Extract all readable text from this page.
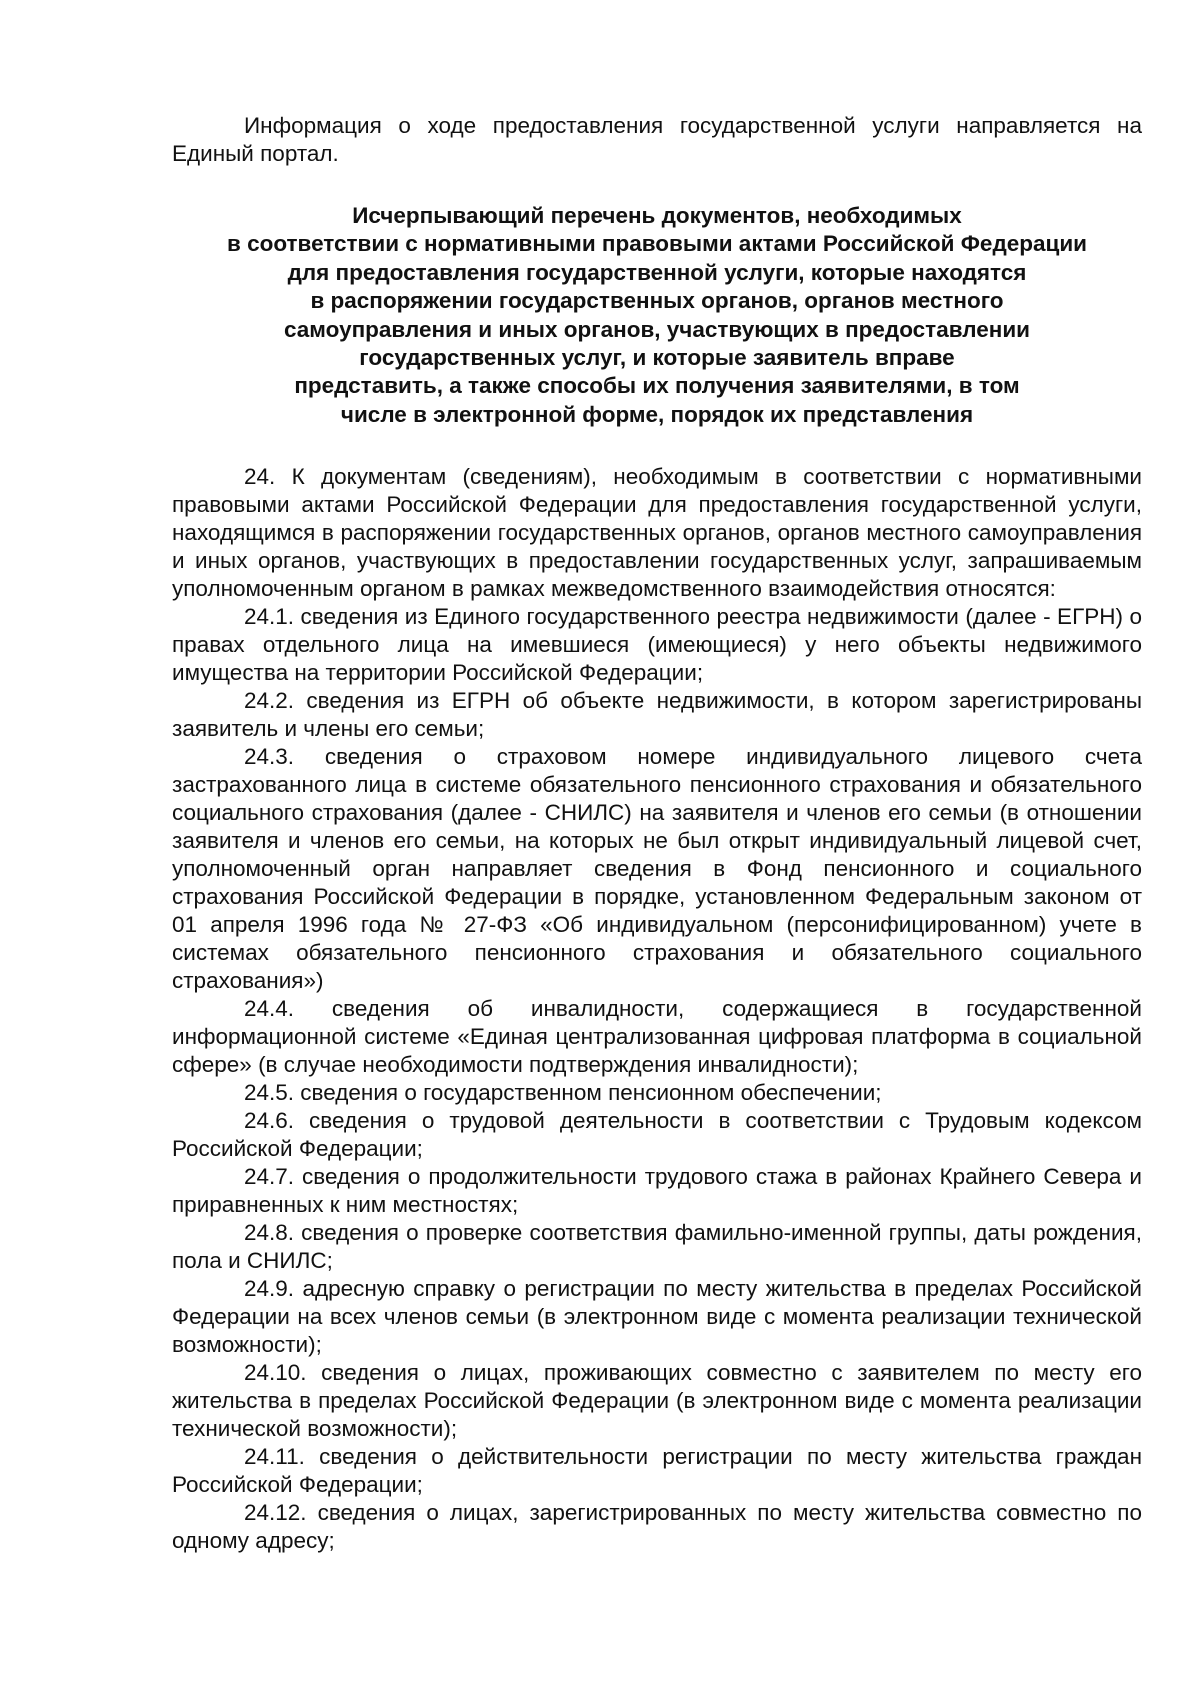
Информация о ходе предоставления государственной услуги направляется на Единый портал.

Исчерпывающий перечень документов, необходимых
в соответствии с нормативными правовыми актами Российской Федерации
для предоставления государственной услуги, которые находятся
в распоряжении государственных органов, органов местного
самоуправления и иных органов, участвующих в предоставлении
государственных услуг, и которые заявитель вправе
представить, а также способы их получения заявителями, в том
числе в электронной форме, порядок их представления

24. К документам (сведениям), необходимым в соответствии с нормативными правовыми актами Российской Федерации для предоставления государственной услуги, находящимся в распоряжении государственных органов, органов местного самоуправления и иных органов, участвующих в предоставлении государственных услуг, запрашиваемым уполномоченным органом в рамках межведомственного взаимодействия относятся:

24.1. сведения из Единого государственного реестра недвижимости (далее - ЕГРН) о правах отдельного лица на имевшиеся (имеющиеся) у него объекты недвижимого имущества на территории Российской Федерации;

24.2. сведения из ЕГРН об объекте недвижимости, в котором зарегистрированы заявитель и члены его семьи;

24.3. сведения о страховом номере индивидуального лицевого счета застрахованного лица в системе обязательного пенсионного страхования и обязательного социального страхования (далее - СНИЛС) на заявителя и членов его семьи (в отношении заявителя и членов его семьи, на которых не был открыт индивидуальный лицевой счет, уполномоченный орган направляет сведения в Фонд пенсионного и социального страхования Российской Федерации в порядке, установленном Федеральным законом от 01 апреля 1996 года № 27-ФЗ «Об индивидуальном (персонифицированном) учете в системах обязательного пенсионного страхования и обязательного социального страхования»)

24.4. сведения об инвалидности, содержащиеся в государственной информационной системе «Единая централизованная цифровая платформа в социальной сфере» (в случае необходимости подтверждения инвалидности);

24.5. сведения о государственном пенсионном обеспечении;

24.6. сведения о трудовой деятельности в соответствии с Трудовым кодексом Российской Федерации;

24.7. сведения о продолжительности трудового стажа в районах Крайнего Севера и приравненных к ним местностях;

24.8. сведения о проверке соответствия фамильно-именной группы, даты рождения, пола и СНИЛС;

24.9. адресную справку о регистрации по месту жительства в пределах Российской Федерации на всех членов семьи (в электронном виде с момента реализации технической возможности);

24.10. сведения о лицах, проживающих совместно с заявителем по месту его жительства в пределах Российской Федерации (в электронном виде с момента реализации технической возможности);

24.11. сведения о действительности регистрации по месту жительства граждан Российской Федерации;

24.12. сведения о лицах, зарегистрированных по месту жительства совместно по одному адресу;
